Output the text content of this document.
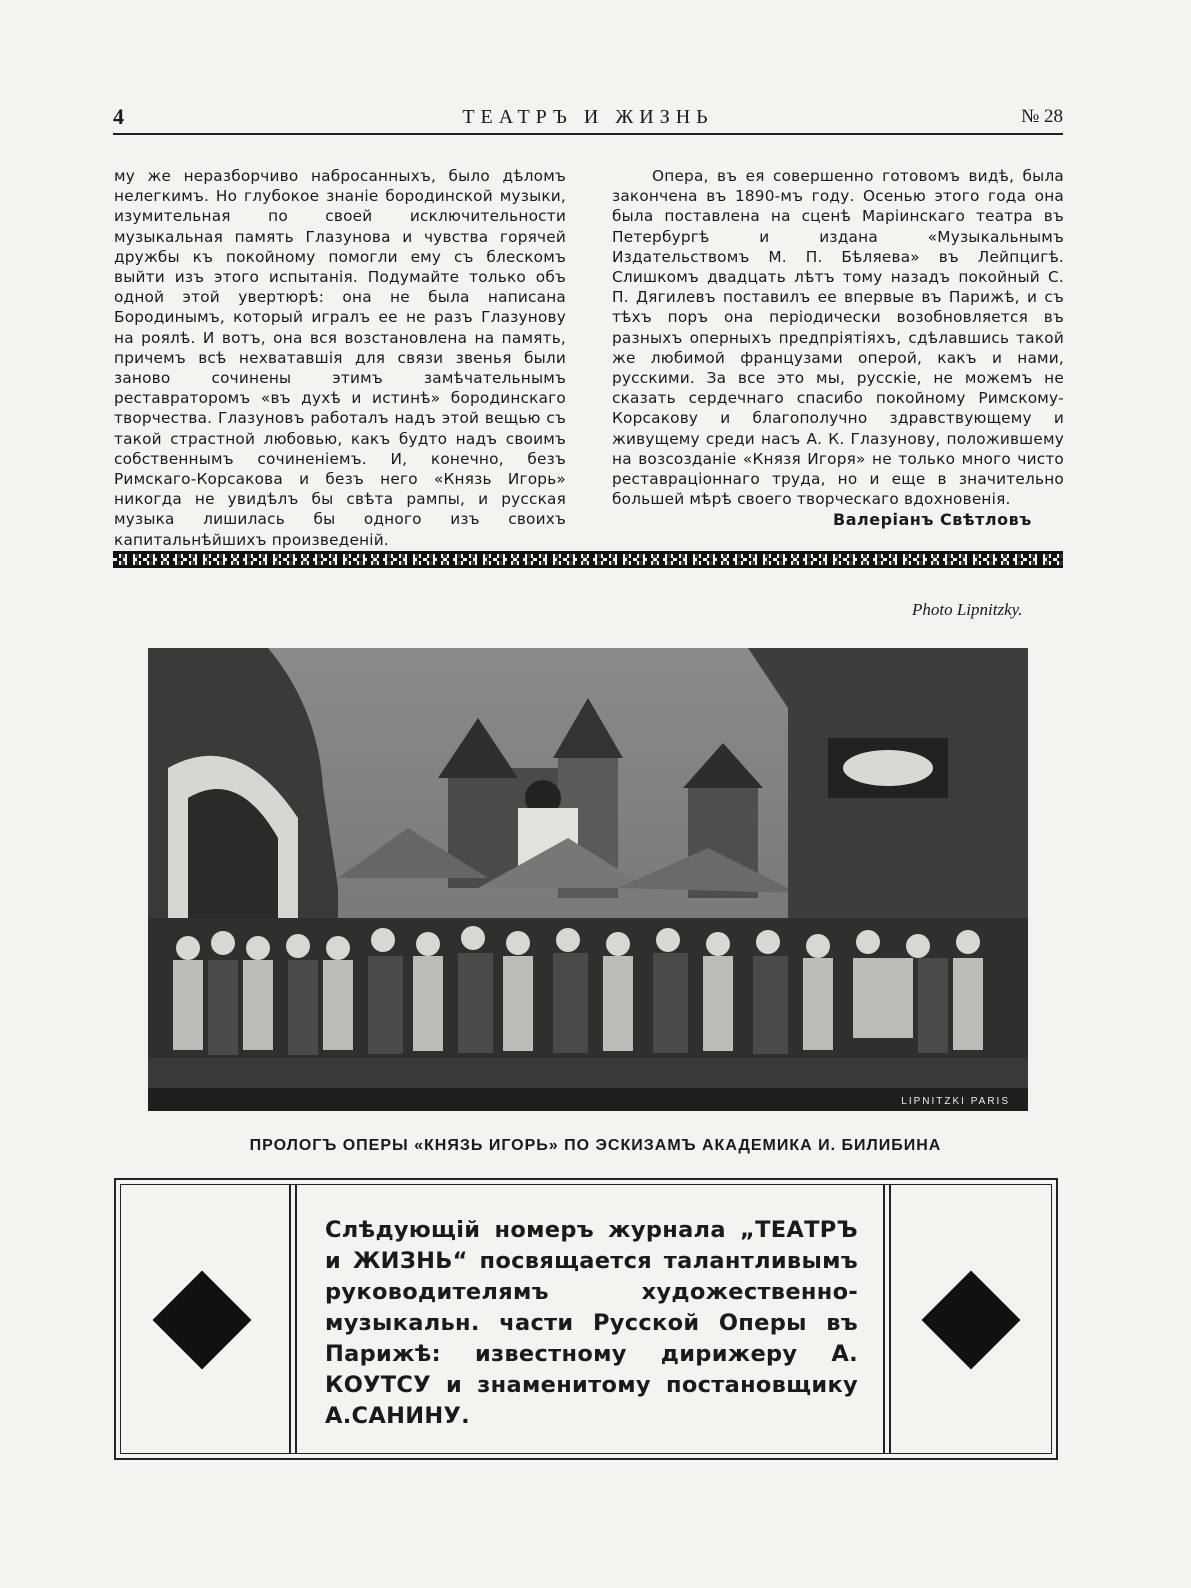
4	ТЕАТРЪ И ЖИЗНЬ	№ 28

му же неразборчиво набросанныхъ, было дѣломъ нелегкимъ. Но глубокое знаніе бородинской музыки, изумительная по своей исключительности музыкальная память Глазунова и чувства горячей дружбы къ покойному помогли ему съ блескомъ выйти изъ этого испытанія. Подумайте только объ одной этой увертюрѣ: она не была написана Бородинымъ, который игралъ ее не разъ Глазунову на роялѣ. И вотъ, она вся возстановлена на память, причемъ всѣ нехватавшія для связи звенья были заново сочинены этимъ замѣчательнымъ реставраторомъ «въ духѣ и истинѣ» бородинскаго творчества. Глазуновъ работалъ надъ этой вещью съ такой страстной любовью, какъ будто надъ своимъ собственнымъ сочиненіемъ. И, конечно, безъ Римскаго-Корсакова и безъ него «Князь Игорь» никогда не увидѣлъ бы свѣта рампы, и русская музыка лишилась бы одного изъ своихъ капитальнѣйшихъ произведеній.

Опера, въ ея совершенно готовомъ видѣ, была закончена въ 1890-мъ году. Осенью этого года она была поставлена на сценѣ Маріинскаго театра въ Петербургѣ и издана «Музыкальнымъ Издательствомъ М. П. Бѣляева» въ Лейпцигѣ. Слишкомъ двадцать лѣтъ тому назадъ покойный С. П. Дягилевъ поставилъ ее впервые въ Парижѣ, и съ тѣхъ поръ она періодически возобновляется въ разныхъ оперныхъ предпріятіяхъ, сдѣлавшись такой же любимой французами оперой, какъ и нами, русскими. За все это мы, русскіе, не можемъ не сказать сердечнаго спасибо покойному Римскому-Корсакову и благополучно здравствующему и живущему среди насъ А. К. Глазунову, положившему на возсозданіе «Князя Игоря» не только много чисто реставраціоннаго труда, но и еще в значительно большей мѣрѣ своего творческаго вдохновенія.

Валеріанъ Свѣтловъ
Photo Lipnitzky.
LIPNITZKI PARIS
ПРОЛОГЪ ОПЕРЫ «КНЯЗЬ ИГОРЬ» ПО ЭСКИЗАМЪ АКАДЕМИКА И. БИЛИБИНА
Слѣдующій номеръ журнала „ТЕАТРЪ и ЖИЗНЬ“ посвящается талантливымъ руководителямъ художественно-музыкальн. части Русской Оперы въ Парижѣ: известному дирижеру А. КОУТСУ и знаменитому постановщику А.САНИНУ.
